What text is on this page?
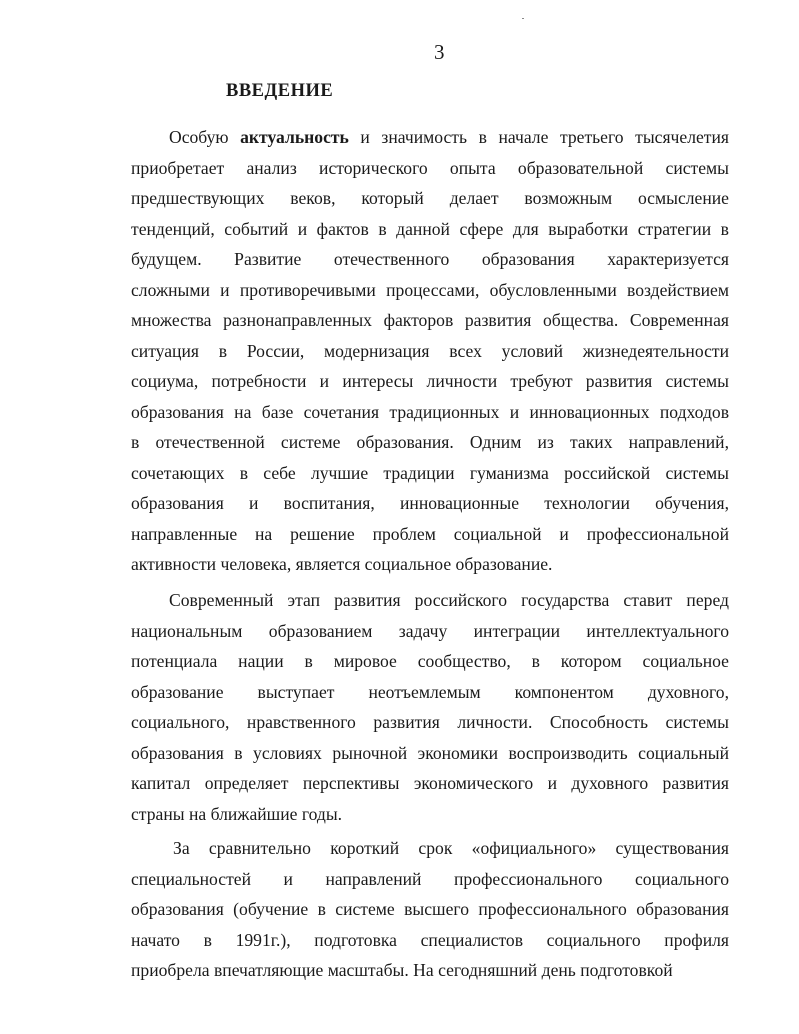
3
ВВЕДЕНИЕ
Особую актуальность и значимость в начале третьего тысячелетия
приобретает анализ исторического опыта образовательной системы
предшествующих веков, который делает возможным осмысление
тенденций, событий и фактов в данной сфере для выработки стратегии в
будущем. Развитие отечественного образования характеризуется
сложными и противоречивыми процессами, обусловленными воздействием
множества разнонаправленных факторов развития общества. Современная
ситуация в России, модернизация всех условий жизнедеятельности
социума, потребности и интересы личности требуют развития системы
образования на базе сочетания традиционных и инновационных подходов
в отечественной системе образования. Одним из таких направлений,
сочетающих в себе лучшие традиции гуманизма российской системы
образования и воспитания, инновационные технологии обучения,
направленные на решение проблем социальной и профессиональной
активности человека, является социальное образование.
Современный этап развития российского государства ставит перед
национальным образованием задачу интеграции интеллектуального
потенциала нации в мировое сообщество, в котором социальное
образование выступает неотъемлемым компонентом духовного,
социального, нравственного развития личности. Способность системы
образования в условиях рыночной экономики воспроизводить социальный
капитал определяет перспективы экономического и духовного развития
страны на ближайшие годы.
За сравнительно короткий срок «официального» существования
специальностей и направлений профессионального социального
образования (обучение в системе высшего профессионального образования
начато в 1991г.), подготовка специалистов социального профиля
приобрела впечатляющие масштабы. На сегодняшний день подготовкой
